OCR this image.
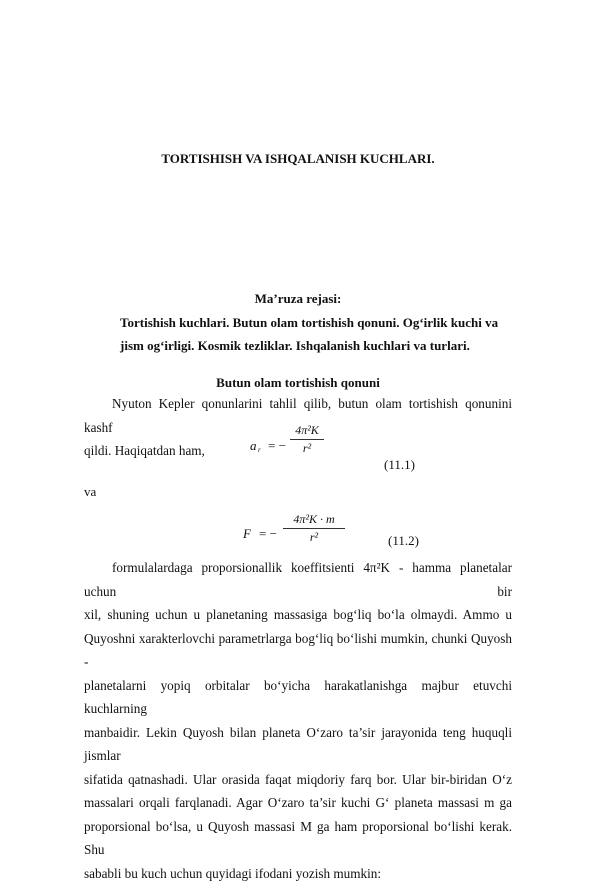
TORTISHISH VA ISHQALANISH KUCHLARI.
Ma’ruza rejasi:
Tortishish kuchlari. Butun olam tortishish qonuni. Og‘irlik kuchi va
jism og‘irligi. Kosmik tezliklar. Ishqalanish kuchlari va turlari.
Butun olam tortishish qonuni

Nyuton Kepler qonunlarini tahlil qilib, butun olam tortishish qonunini kashf

qildi. Haqiqatdan ham,	a r = −
4π²K
r²
(11.1)
va
F = −
4π²K · m
r²	(11.2)

formulalardaga proporsionallik koeffitsienti 4π²K - hamma planetalar uchun bir

xil, shuning uchun u planetaning massasiga bog‘liq bo‘la olmaydi. Ammo u
Quyoshni xarakterlovchi parametrlarga bog‘liq bo‘lishi mumkin, chunki Quyosh -
planetalarni yopiq orbitalar bo‘yicha harakatlanishga majbur etuvchi kuchlarning
manbaidir. Lekin Quyosh bilan planeta O‘zaro ta’sir jarayonida teng huquqli jismlar
sifatida qatnashadi. Ular orasida faqat miqdoriy farq bor. Ular bir-biridan O‘z
massalari orqali farqlanadi. Agar O‘zaro ta’sir kuchi G‘ planeta massasi m ga
proporsional bo‘lsa, u Quyosh massasi M ga ham proporsional bo‘lishi kerak. Shu
sababli bu kuch uchun quyidagi ifodani yozish mumkin:
